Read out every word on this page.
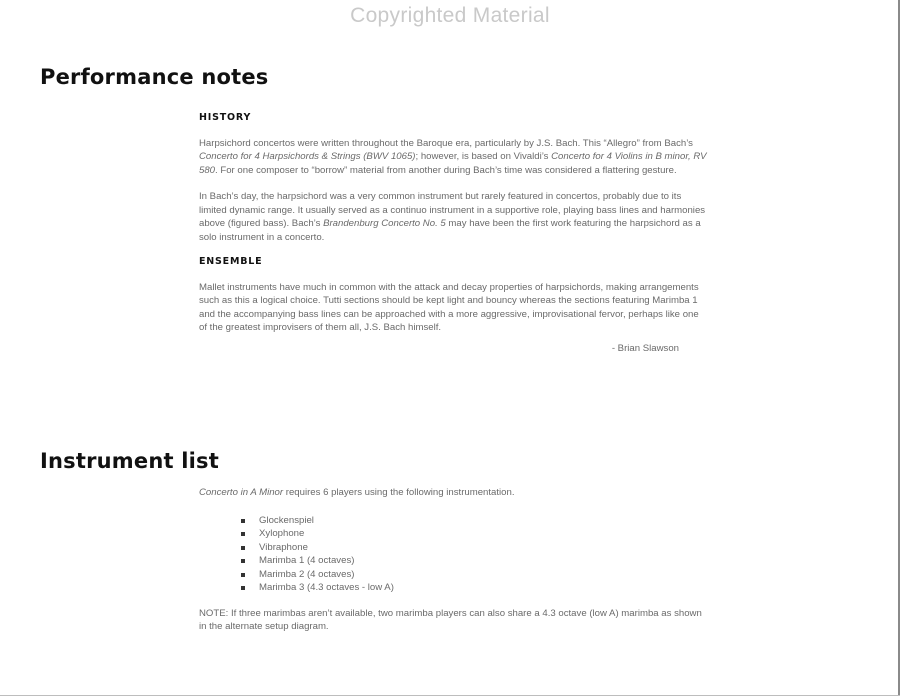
Copyrighted Material
Performance notes
HISTORY

Harpsichord concertos were written throughout the Baroque era, particularly by J.S. Bach. This “Allegro” from Bach’s Concerto for 4 Harpsichords & Strings (BWV 1065); however, is based on Vivaldi’s Concerto for 4 Violins in B minor, RV 580. For one composer to “borrow” material from another during Bach’s time was considered a flattering gesture.

In Bach’s day, the harpsichord was a very common instrument but rarely featured in concertos, probably due to its limited dynamic range. It usually served as a continuo instrument in a supportive role, playing bass lines and harmonies above (figured bass). Bach’s Brandenburg Concerto No. 5 may have been the first work featuring the harpsichord as a solo instrument in a concerto.

ENSEMBLE

Mallet instruments have much in common with the attack and decay properties of harpsichords, making arrangements such as this a logical choice. Tutti sections should be kept light and bouncy whereas the sections featuring Marimba 1 and the accompanying bass lines can be approached with a more aggressive, improvisational fervor, perhaps like one of the greatest improvisers of them all, J.S. Bach himself.

- Brian Slawson

Instrument list

Concerto in A Minor requires 6 players using the following instrumentation.

Glockenspiel
Xylophone
Vibraphone
Marimba 1 (4 octaves)
Marimba 2 (4 octaves)
Marimba 3 (4.3 octaves - low A)

NOTE: If three marimbas aren’t available, two marimba players can also share a 4.3 octave (low A) marimba as shown in the alternate setup diagram.
